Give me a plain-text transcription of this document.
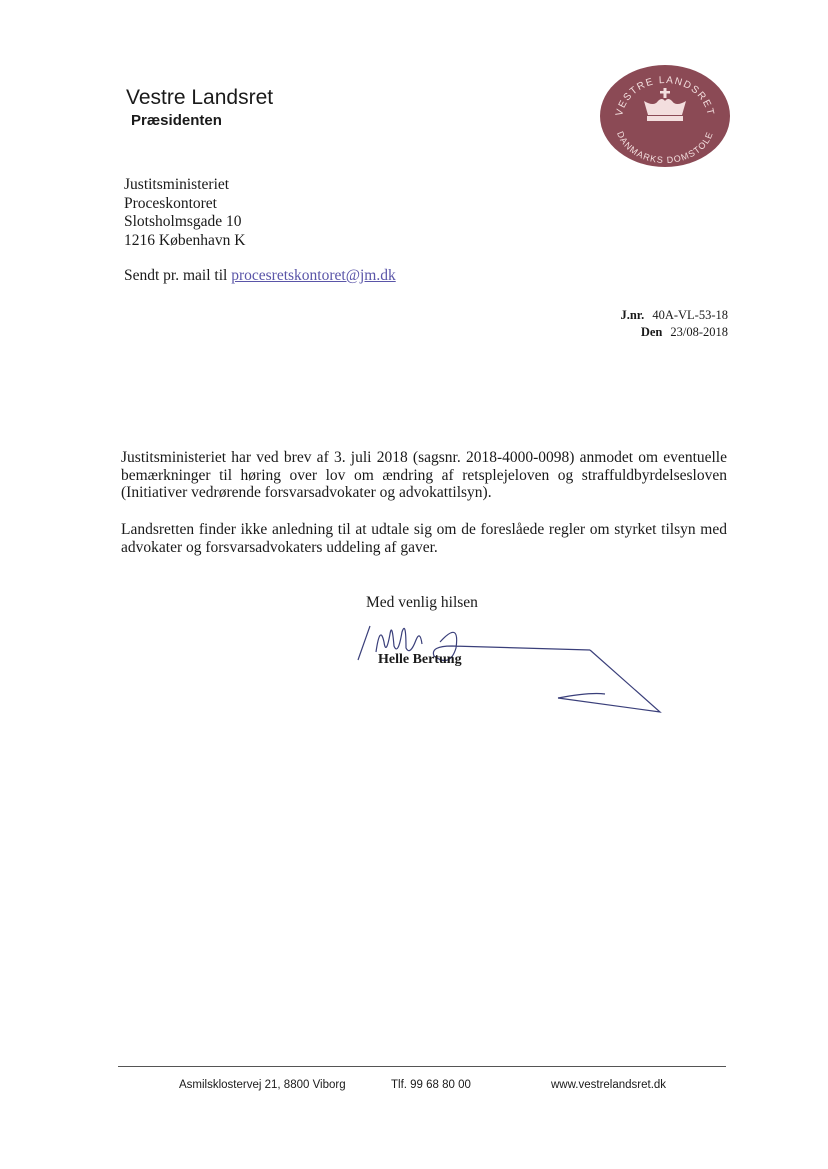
Vestre Landsret
Præsidenten
VESTRE LANDSRET
DANMARKS DOMSTOLE
Justitsministeriet
Proceskontoret
Slotsholmsgade 10
1216 København K
Sendt pr. mail til procesretskontoret@jm.dk
J.nr. 40A-VL-53-18
Den 23/08-2018
Justitsministeriet har ved brev af 3. juli 2018 (sagsnr. 2018-4000-0098) anmodet om eventuelle bemærkninger til høring over lov om ændring af retsplejeloven og straffuldbyrdelsesloven (Initiativer vedrørende forsvarsadvokater og advokattilsyn).
Landsretten finder ikke anledning til at udtale sig om de foreslåede regler om styrket tilsyn med advokater og forsvarsadvokaters uddeling af gaver.
Med venlig hilsen
Helle Bertung
Asmilsklostervej 21, 8800 Viborg	Tlf. 99 68 80 00	www.vestrelandsret.dk
